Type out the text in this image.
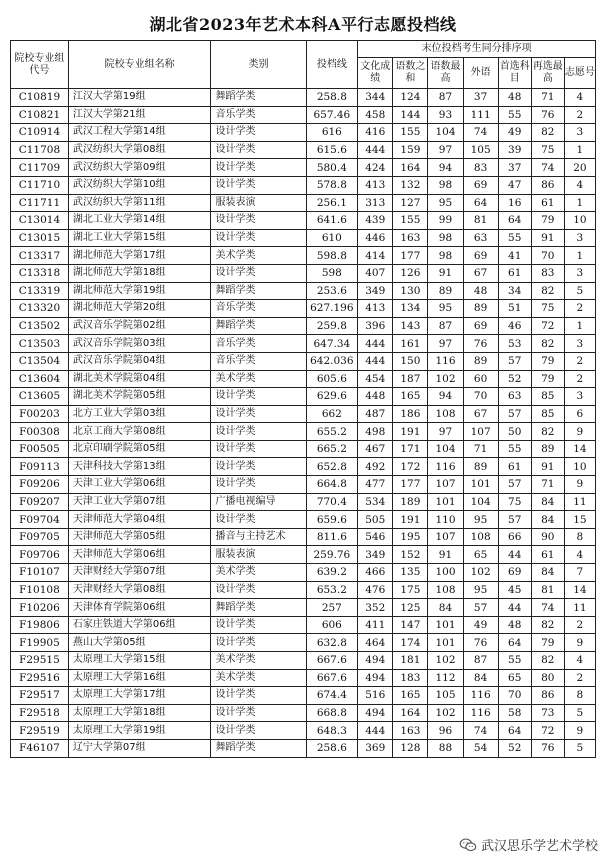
湖北省2023年艺术本科A平行志愿投档线
院校专业组代号	院校专业组名称	类别	投档线	末位投档考生同分排序项						
				文化成绩	语数之和	语数最高	外语	首选科目	再选最高	志愿号
C10819	江汉大学第19组	舞蹈学类	258.8	344	124	87	37	48	71	4
C10821	江汉大学第21组	音乐学类	657.46	458	144	93	111	55	76	2
C10914	武汉工程大学第14组	设计学类	616	416	155	104	74	49	82	3
C11708	武汉纺织大学第08组	设计学类	615.6	444	159	97	105	39	75	1
C11709	武汉纺织大学第09组	设计学类	580.4	424	164	94	83	37	74	20
C11710	武汉纺织大学第10组	设计学类	578.8	413	132	98	69	47	86	4
C11711	武汉纺织大学第11组	服装表演	256.1	313	127	95	64	16	61	1
C13014	湖北工业大学第14组	设计学类	641.6	439	155	99	81	64	79	10
C13015	湖北工业大学第15组	设计学类	610	446	163	98	63	55	91	3
C13317	湖北师范大学第17组	美术学类	598.8	414	177	98	69	41	70	1
C13318	湖北师范大学第18组	设计学类	598	407	126	91	67	61	83	3
C13319	湖北师范大学第19组	舞蹈学类	253.6	349	130	89	48	34	82	5
C13320	湖北师范大学第20组	音乐学类	627.196	413	134	95	89	51	75	2
C13502	武汉音乐学院第02组	舞蹈学类	259.8	396	143	87	69	46	72	1
C13503	武汉音乐学院第03组	音乐学类	647.34	444	161	97	76	53	82	3
C13504	武汉音乐学院第04组	音乐学类	642.036	444	150	116	89	57	79	2
C13604	湖北美术学院第04组	美术学类	605.6	454	187	102	60	52	79	2
C13605	湖北美术学院第05组	设计学类	629.6	448	165	94	70	63	85	3
F00203	北方工业大学第03组	设计学类	662	487	186	108	67	57	85	6
F00308	北京工商大学第08组	设计学类	655.2	498	191	97	107	50	82	9
F00505	北京印刷学院第05组	设计学类	665.2	467	171	104	71	55	89	14
F09113	天津科技大学第13组	设计学类	652.8	492	172	116	89	61	91	10
F09206	天津工业大学第06组	设计学类	664.8	477	177	107	101	57	71	9
F09207	天津工业大学第07组	广播电视编导	770.4	534	189	101	104	75	84	11
F09704	天津师范大学第04组	设计学类	659.6	505	191	110	95	57	84	15
F09705	天津师范大学第05组	播音与主持艺术	811.6	546	195	107	108	66	90	8
F09706	天津师范大学第06组	服装表演	259.76	349	152	91	65	44	61	4
F10107	天津财经大学第07组	美术学类	639.2	466	135	100	102	69	84	7
F10108	天津财经大学第08组	设计学类	653.2	476	175	108	95	45	81	14
F10206	天津体育学院第06组	舞蹈学类	257	352	125	84	57	44	74	11
F19806	石家庄铁道大学第06组	设计学类	606	411	147	101	49	48	82	2
F19905	燕山大学第05组	设计学类	632.8	464	174	101	76	64	79	9
F29515	太原理工大学第15组	美术学类	667.6	494	181	102	87	55	82	4
F29516	太原理工大学第16组	美术学类	667.6	494	183	112	84	65	80	2
F29517	太原理工大学第17组	设计学类	674.4	516	165	105	116	70	86	8
F29518	太原理工大学第18组	设计学类	668.8	494	164	102	116	58	73	5
F29519	太原理工大学第19组	设计学类	648.3	444	163	96	74	64	72	9
F46107	辽宁大学第07组	舞蹈学类	258.6	369	128	88	54	52	76	5
武汉思乐学艺术学校
